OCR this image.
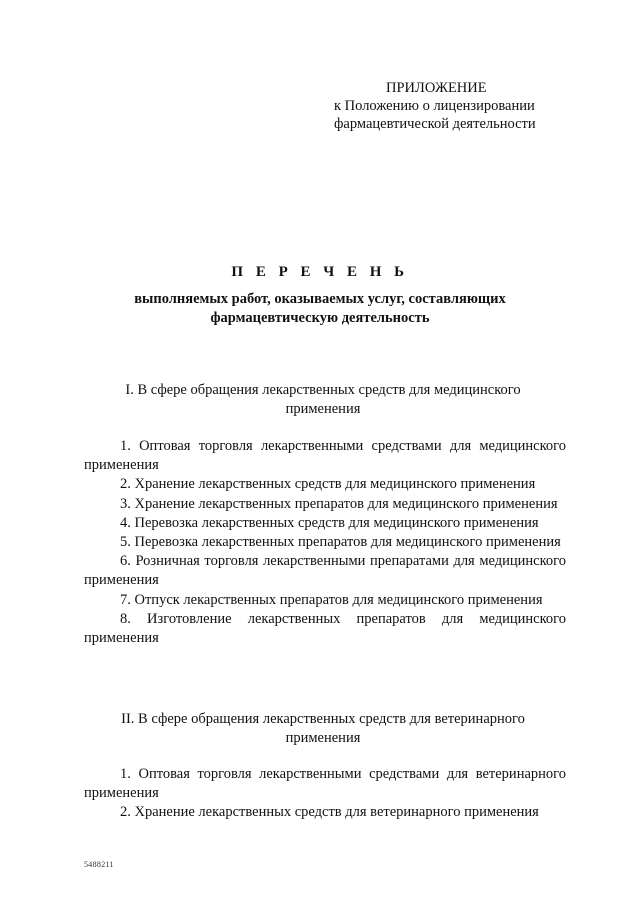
ПРИЛОЖЕНИЕ
к Положению о лицензировании
фармацевтической деятельности
П Е Р Е Ч Е Н Ь
выполняемых работ, оказываемых услуг, составляющих
фармацевтическую деятельность
I. В сфере обращения лекарственных средств для медицинского
применения

1. Оптовая торговля лекарственными средствами для медицинского применения

2. Хранение лекарственных средств для медицинского применения

3. Хранение лекарственных препаратов для медицинского применения

4. Перевозка лекарственных средств для медицинского применения

5. Перевозка лекарственных препаратов для медицинского применения

6. Розничная торговля лекарственными препаратами для медицинского применения

7. Отпуск лекарственных препаратов для медицинского применения

8. Изготовление лекарственных препаратов для медицинского применения

II. В сфере обращения лекарственных средств для ветеринарного
применения

1. Оптовая торговля лекарственными средствами для ветеринарного применения

2. Хранение лекарственных средств для ветеринарного применения

5488211
